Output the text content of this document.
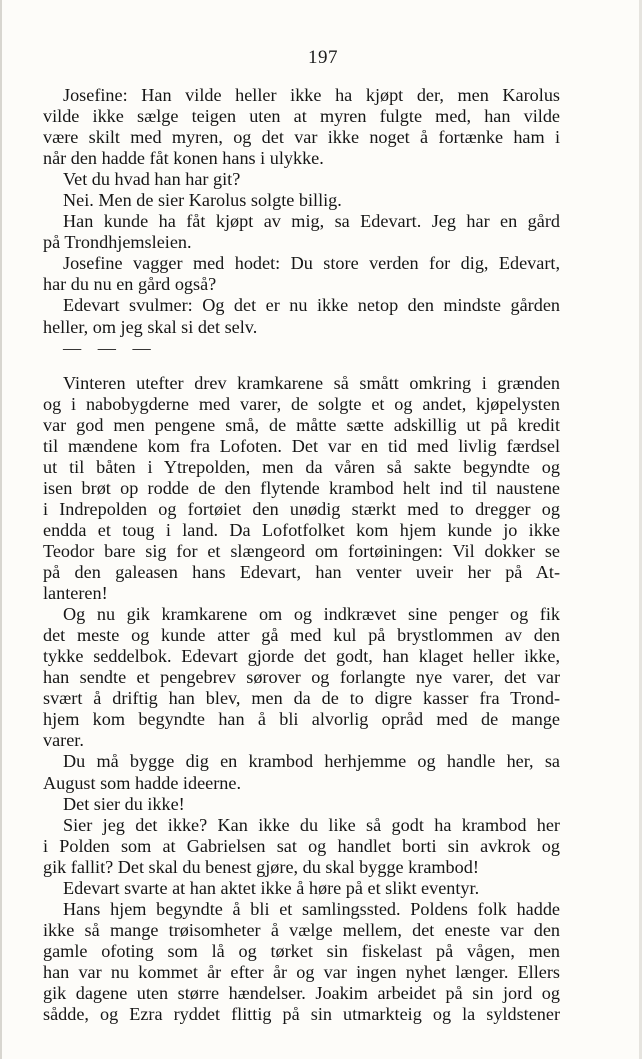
197
Josefine: Han vilde heller ikke ha kjøpt der, men Karolus
vilde ikke sælge teigen uten at myren fulgte med, han vilde
være skilt med myren, og det var ikke noget å fortænke ham i
når den hadde fåt konen hans i ulykke.
Vet du hvad han har git?
Nei. Men de sier Karolus solgte billig.
Han kunde ha fåt kjøpt av mig, sa Edevart. Jeg har en gård
på Trondhjemsleien.
Josefine vagger med hodet: Du store verden for dig, Edevart,
har du nu en gård også?
Edevart svulmer: Og det er nu ikke netop den mindste gården
heller, om jeg skal si det selv.
— — —
Vinteren utefter drev kramkarene så smått omkring i grænden
og i nabobygderne med varer, de solgte et og andet, kjøpelysten
var god men pengene små, de måtte sætte adskillig ut på kredit
til mændene kom fra Lofoten. Det var en tid med livlig færdsel
ut til båten i Ytrepolden, men da våren så sakte begyndte og
isen brøt op rodde de den flytende krambod helt ind til naustene
i Indrepolden og fortøiet den unødig stærkt med to dregger og
endda et toug i land. Da Lofotfolket kom hjem kunde jo ikke
Teodor bare sig for et slængeord om fortøiningen: Vil dokker se
på den galeasen hans Edevart, han venter uveir her på At-
lanteren!
Og nu gik kramkarene om og indkrævet sine penger og fik
det meste og kunde atter gå med kul på brystlommen av den
tykke seddelbok. Edevart gjorde det godt, han klaget heller ikke,
han sendte et pengebrev sørover og forlangte nye varer, det var
svært å driftig han blev, men da de to digre kasser fra Trond-
hjem kom begyndte han å bli alvorlig opråd med de mange
varer.
Du må bygge dig en krambod herhjemme og handle her, sa
August som hadde ideerne.
Det sier du ikke!
Sier jeg det ikke? Kan ikke du like så godt ha krambod her
i Polden som at Gabrielsen sat og handlet borti sin avkrok og
gik fallit? Det skal du benest gjøre, du skal bygge krambod!
Edevart svarte at han aktet ikke å høre på et slikt eventyr.
Hans hjem begyndte å bli et samlingssted. Poldens folk hadde
ikke så mange trøisomheter å vælge mellem, det eneste var den
gamle ofoting som lå og tørket sin fiskelast på vågen, men
han var nu kommet år efter år og var ingen nyhet længer. Ellers
gik dagene uten større hændelser. Joakim arbeidet på sin jord og
sådde, og Ezra ryddet flittig på sin utmarkteig og la syldstener
